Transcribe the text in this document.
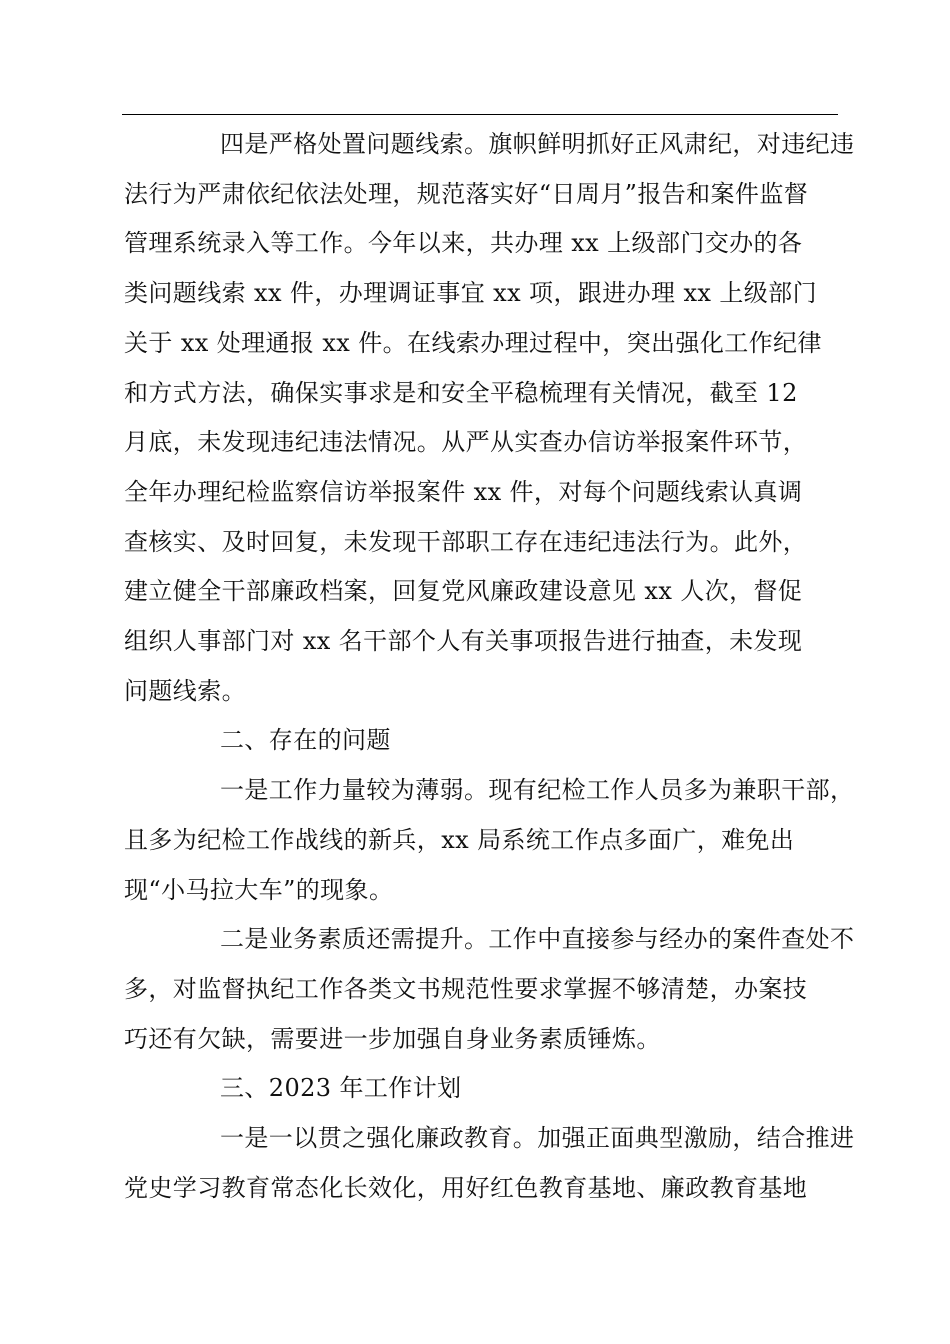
四是严格处置问题线索。旗帜鲜明抓好正风肃纪，对违纪违
法行为严肃依纪依法处理，规范落实好“日周月”报告和案件监督
管理系统录入等工作。今年以来，共办理 xx 上级部门交办的各
类问题线索 xx 件，办理调证事宜 xx 项，跟进办理 xx 上级部门
关于 xx 处理通报 xx 件。在线索办理过程中，突出强化工作纪律
和方式方法，确保实事求是和安全平稳梳理有关情况，截至 12
月底，未发现违纪违法情况。从严从实查办信访举报案件环节，
全年办理纪检监察信访举报案件 xx 件，对每个问题线索认真调
查核实、及时回复，未发现干部职工存在违纪违法行为。此外，
建立健全干部廉政档案，回复党风廉政建设意见 xx 人次，督促
组织人事部门对 xx 名干部个人有关事项报告进行抽查，未发现
问题线索。

二、存在的问题

一是工作力量较为薄弱。现有纪检工作人员多为兼职干部，
且多为纪检工作战线的新兵，xx 局系统工作点多面广，难免出
现“小马拉大车”的现象。

二是业务素质还需提升。工作中直接参与经办的案件查处不
多，对监督执纪工作各类文书规范性要求掌握不够清楚，办案技
巧还有欠缺，需要进一步加强自身业务素质锤炼。

三、2023 年工作计划

一是一以贯之强化廉政教育。加强正面典型激励，结合推进
党史学习教育常态化长效化，用好红色教育基地、廉政教育基地
